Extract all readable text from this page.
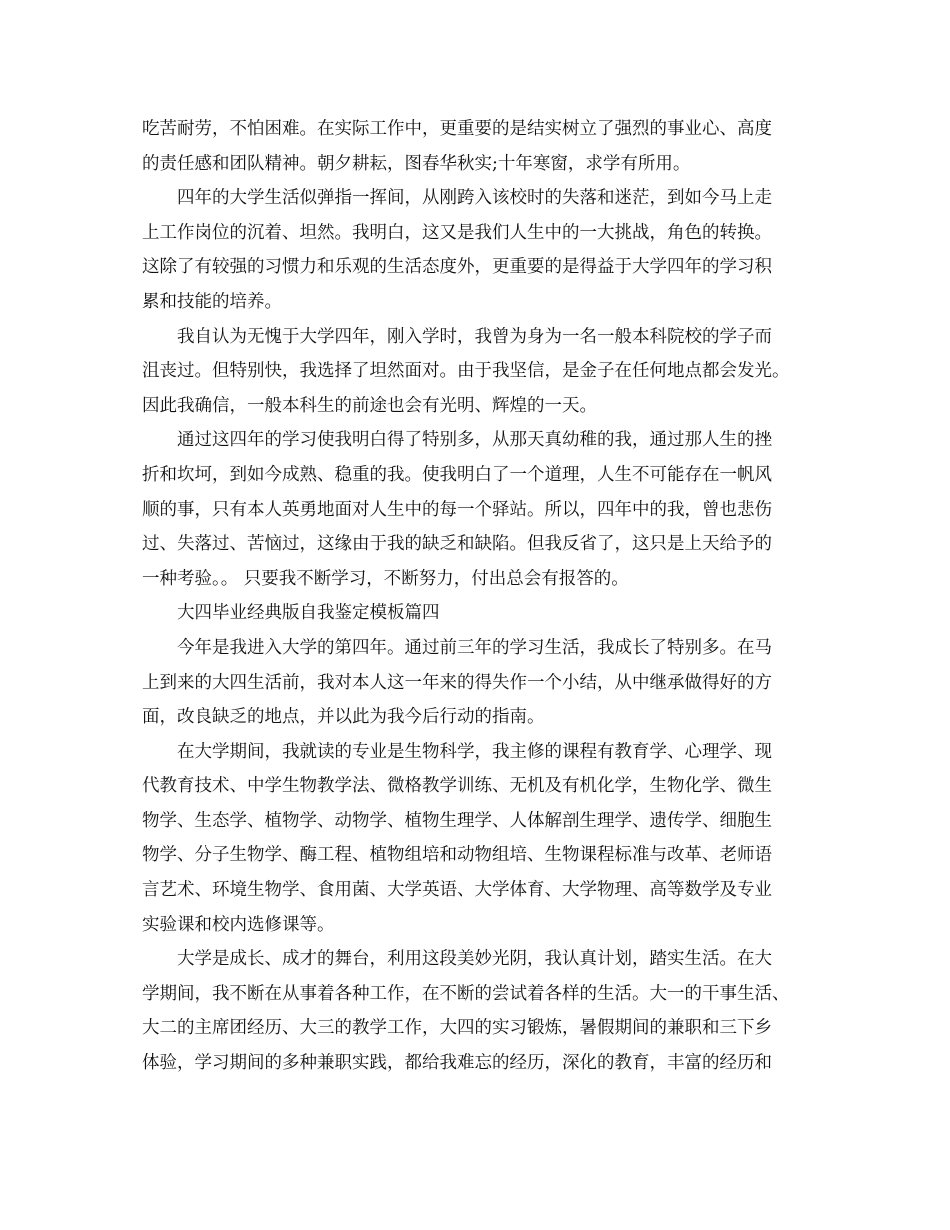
吃苦耐劳，不怕困难。在实际工作中，更重要的是结实树立了强烈的事业心、高度
的责任感和团队精神。朝夕耕耘，图春华秋实;十年寒窗，求学有所用。
四年的大学生活似弹指一挥间，从刚跨入该校时的失落和迷茫，到如今马上走
上工作岗位的沉着、坦然。我明白，这又是我们人生中的一大挑战，角色的转换。
这除了有较强的习惯力和乐观的生活态度外，更重要的是得益于大学四年的学习积
累和技能的培养。
我自认为无愧于大学四年，刚入学时，我曾为身为一名一般本科院校的学子而
沮丧过。但特别快，我选择了坦然面对。由于我坚信，是金子在任何地点都会发光。
因此我确信，一般本科生的前途也会有光明、辉煌的一天。
通过这四年的学习使我明白得了特别多，从那天真幼稚的我，通过那人生的挫
折和坎坷，到如今成熟、稳重的我。使我明白了一个道理，人生不可能存在一帆风
顺的事，只有本人英勇地面对人生中的每一个驿站。所以，四年中的我，曾也悲伤
过、失落过、苦恼过，这缘由于我的缺乏和缺陷。但我反省了，这只是上天给予的
一种考验。。 只要我不断学习，不断努力，付出总会有报答的。
大四毕业经典版自我鉴定模板篇四
今年是我进入大学的第四年。通过前三年的学习生活，我成长了特别多。在马
上到来的大四生活前，我对本人这一年来的得失作一个小结，从中继承做得好的方
面，改良缺乏的地点，并以此为我今后行动的指南。
在大学期间，我就读的专业是生物科学，我主修的课程有教育学、心理学、现
代教育技术、中学生物教学法、微格教学训练、无机及有机化学，生物化学、微生
物学、生态学、植物学、动物学、植物生理学、人体解剖生理学、遗传学、细胞生
物学、分子生物学、酶工程、植物组培和动物组培、生物课程标准与改革、老师语
言艺术、环境生物学、食用菌、大学英语、大学体育、大学物理、高等数学及专业
实验课和校内选修课等。
大学是成长、成才的舞台，利用这段美妙光阴，我认真计划，踏实生活。在大
学期间，我不断在从事着各种工作，在不断的尝试着各样的生活。大一的干事生活、
大二的主席团经历、大三的教学工作，大四的实习锻炼，暑假期间的兼职和三下乡
体验，学习期间的多种兼职实践，都给我难忘的经历，深化的教育，丰富的经历和
